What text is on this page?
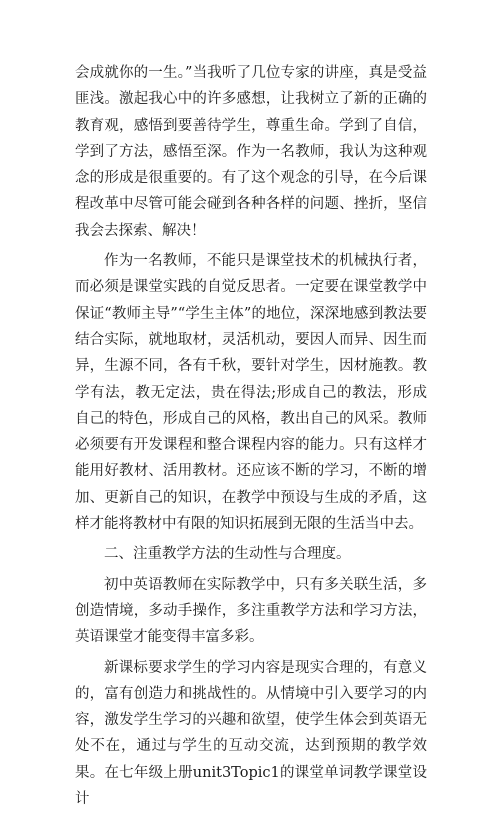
会成就你的一生。”当我听了几位专家的讲座，真是受益匪浅。激起我心中的许多感想，让我树立了新的正确的教育观，感悟到要善待学生，尊重生命。学到了自信，学到了方法，感悟至深。作为一名教师，我认为这种观念的形成是很重要的。有了这个观念的引导，在今后课程改革中尽管可能会碰到各种各样的问题、挫折，坚信我会去探索、解决！

作为一名教师，不能只是课堂技术的机械执行者，而必须是课堂实践的自觉反思者。一定要在课堂教学中保证“教师主导”“学生主体”的地位，深深地感到教法要结合实际，就地取材，灵活机动，要因人而异、因生而异，生源不同，各有千秋，要针对学生，因材施教。教学有法，教无定法，贵在得法;形成自己的教法，形成自己的特色，形成自己的风格，教出自己的风采。教师必须要有开发课程和整合课程内容的能力。只有这样才能用好教材、活用教材。还应该不断的学习，不断的增加、更新自己的知识，在教学中预设与生成的矛盾，这样才能将教材中有限的知识拓展到无限的生活当中去。

二、注重教学方法的生动性与合理度。

初中英语教师在实际教学中，只有多关联生活，多创造情境，多动手操作，多注重教学方法和学习方法，英语课堂才能变得丰富多彩。

新课标要求学生的学习内容是现实合理的，有意义的，富有创造力和挑战性的。从情境中引入要学习的内容，激发学生学习的兴趣和欲望，使学生体会到英语无处不在，通过与学生的互动交流，达到预期的教学效果。在七年级上册unit3Topic1的课堂单词教学课堂设计
